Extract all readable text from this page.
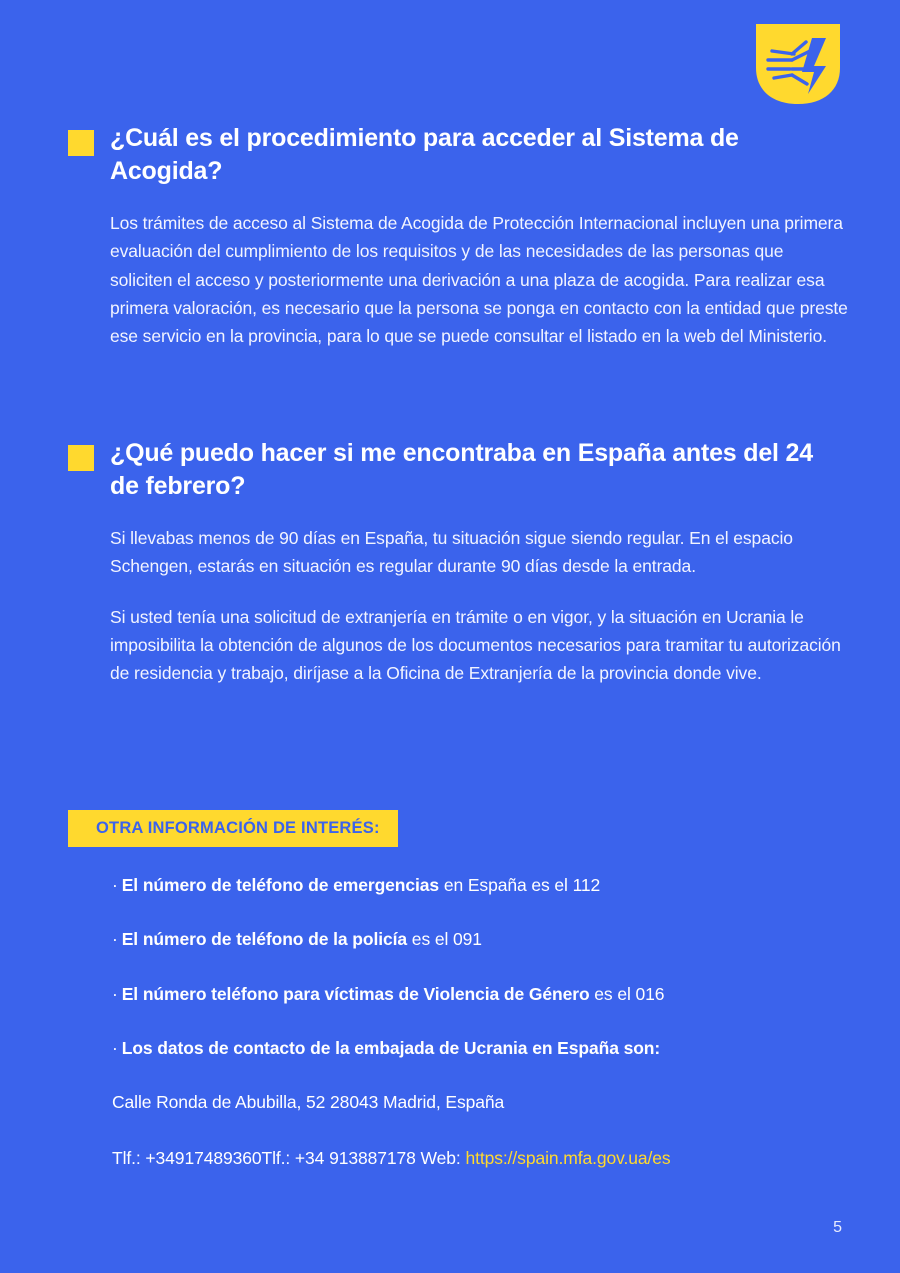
¿Cuál es el procedimiento para acceder al Sistema de Acogida?

Los trámites de acceso al Sistema de Acogida de Protección Internacional incluyen una primera evaluación del cumplimiento de los requisitos y de las necesidades de las personas que soliciten el acceso y posteriormente una derivación a una plaza de acogida. Para realizar esa primera valoración, es necesario que la persona se ponga en contacto con la entidad que preste ese servicio en la provincia, para lo que se puede consultar el listado en la web del Ministerio.

¿Qué puedo hacer si me encontraba en España antes del 24 de febrero?

Si llevabas menos de 90 días en España, tu situación sigue siendo regular. En el espacio Schengen, estarás en situación es regular durante 90 días desde la entrada.

Si usted tenía una solicitud de extranjería en trámite o en vigor, y la situación en Ucrania le imposibilita la obtención de algunos de los documentos necesarios para tramitar tu autorización de residencia y trabajo, diríjase a la Oficina de Extranjería de la provincia donde vive.

OTRA INFORMACIÓN DE INTERÉS:
· El número de teléfono de emergencias en España es el 112
· El número de teléfono de la policía es el 091
· El número teléfono para víctimas de Violencia de Género es el 016
· Los datos de contacto de la embajada de Ucrania en España son:
Calle Ronda de Abubilla, 52 28043 Madrid, España
Tlf.: +34917489360Tlf.: +34 913887178 Web: https://spain.mfa.gov.ua/es
5
